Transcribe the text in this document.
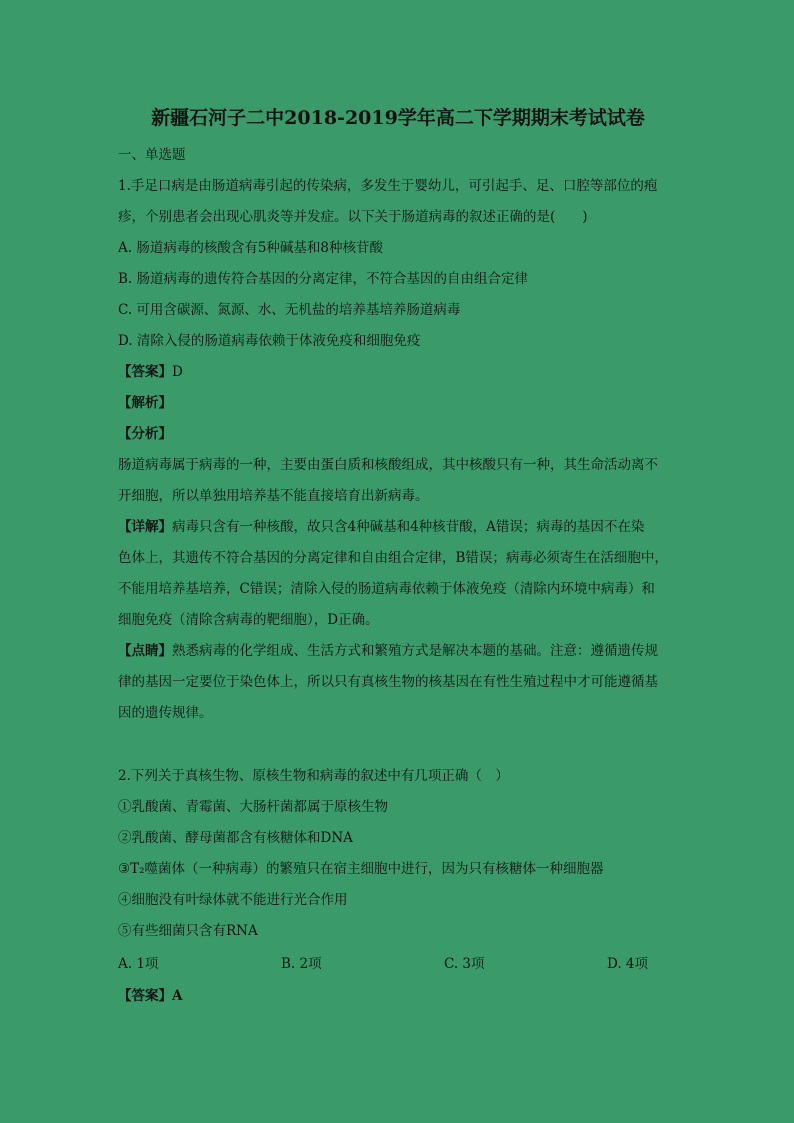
新疆石河子二中2018-2019学年高二下学期期末考试试卷
一、单选题
1.手足口病是由肠道病毒引起的传染病，多发生于婴幼儿，可引起手、足、口腔等部位的疱
疹，个别患者会出现心肌炎等并发症。以下关于肠道病毒的叙述正确的是(　　)
A. 肠道病毒的核酸含有5种碱基和8种核苷酸
B. 肠道病毒的遗传符合基因的分离定律，不符合基因的自由组合定律
C. 可用含碳源、氮源、水、无机盐的培养基培养肠道病毒
D. 清除入侵的肠道病毒依赖于体液免疫和细胞免疫
【答案】D
【解析】
【分析】
肠道病毒属于病毒的一种，主要由蛋白质和核酸组成，其中核酸只有一种，其生命活动离不
开细胞，所以单独用培养基不能直接培育出新病毒。
【详解】病毒只含有一种核酸，故只含4种碱基和4种核苷酸，A错误；病毒的基因不在染
色体上，其遗传不符合基因的分离定律和自由组合定律，B错误；病毒必须寄生在活细胞中，
不能用培养基培养，C错误；清除入侵的肠道病毒依赖于体液免疫（清除内环境中病毒）和
细胞免疫（清除含病毒的靶细胞），D正确。
【点睛】熟悉病毒的化学组成、生活方式和繁殖方式是解决本题的基础。注意：遵循遗传规
律的基因一定要位于染色体上，所以只有真核生物的核基因在有性生殖过程中才可能遵循基
因的遗传规律。
2.下列关于真核生物、原核生物和病毒的叙述中有几项正确（　）
①乳酸菌、青霉菌、大肠杆菌都属于原核生物
②乳酸菌、酵母菌都含有核糖体和DNA
③T₂噬菌体（一种病毒）的繁殖只在宿主细胞中进行，因为只有核糖体一种细胞器
④细胞没有叶绿体就不能进行光合作用
⑤有些细菌只含有RNA
A. 1项	B. 2项	C. 3项	D. 4项
【答案】A
